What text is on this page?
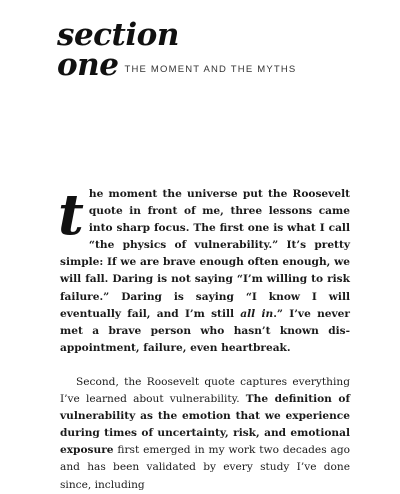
section
one THE MOMENT AND THE MYTHS

the moment the universe put the Roosevelt quote in front of me, three lessons came into sharp focus. The first one is what I call “the physics of vulnerability.” It’s pretty simple: If we are brave enough often enough, we will fall. Daring is not saying “I’m willing to risk failure.” Daring is saying “I know I will eventually fail, and I’m still all in.” I’ve never met a brave person who hasn’t known disappointment, failure, even heartbreak.

Second, the Roosevelt quote captures everything I’ve learned about vulnerability. The definition of vulnerability as the emotion that we experience during times of uncertainty, risk, and emotional exposure first emerged in my work two decades ago and has been validated by every study I’ve done since, including
